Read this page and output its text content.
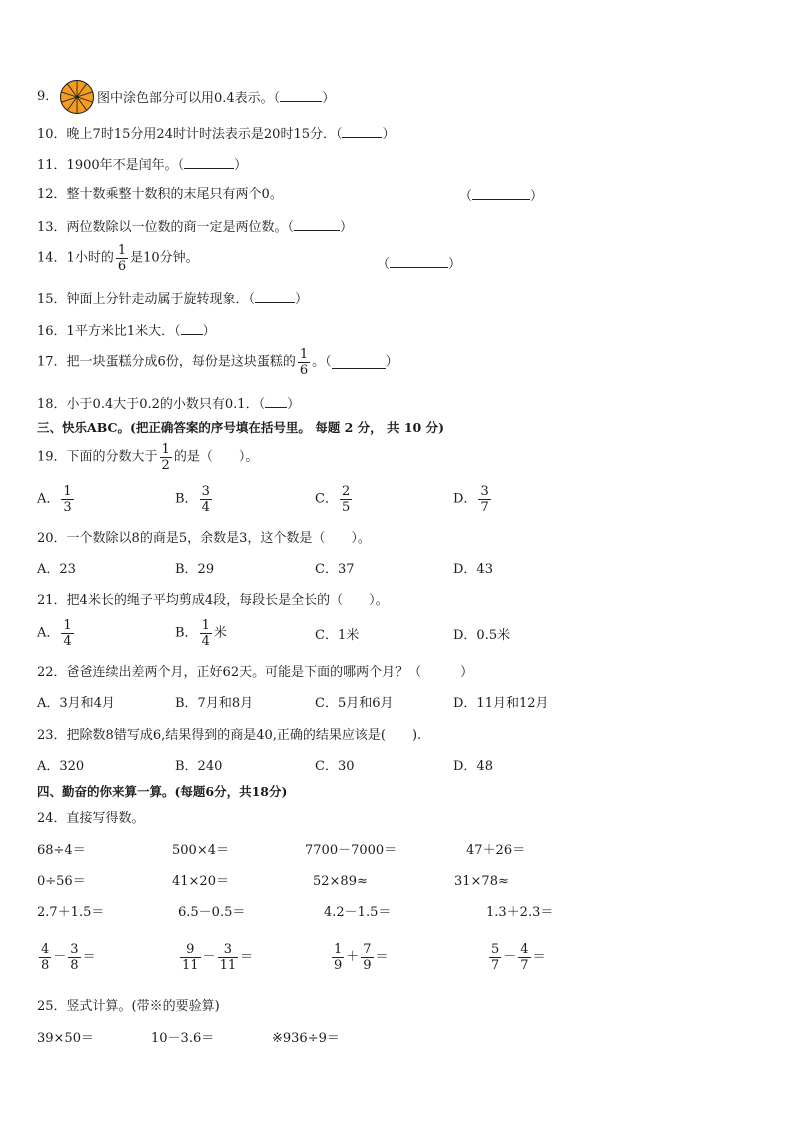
9．	图中涂色部分可以用0.4表示。（	）
10．晚上7时15分用24时计时法表示是20时15分．（	）
11．1900年不是闰年。（	）
12．整十数乘整十数积的末尾只有两个0。	（	）
13．两位数除以一位数的商一定是两位数。（	）
14．1小时的 $\frac{1}{6}$ 是10分钟。	（	）
15．钟面上分针走动属于旋转现象．（	）
16．1平方米比1米大．（ ）
17．把一块蛋糕分成6份，每份是这块蛋糕的 $\frac{1}{6}$ 。（	）
18．小于0.4大于0.2的小数只有0.1．（ ）
三、快乐ABC。(把正确答案的序号填在括号里。 每题 2 分， 共 10 分)
19．下面的分数大于 $\frac{1}{2}$ 的是（　　）。
A． $\frac{1}{3}$	B． $\frac{3}{4}$	C． $\frac{2}{5}$	D． $\frac{3}{7}$
20．一个数除以8的商是5，余数是3，这个数是（　　）。
A．23	B．29	C．37	D．43
21．把4米长的绳子平均剪成4段，每段长是全长的（　　）。
A． $\frac{1}{4}$	B． $\frac{1}{4}$ 米	C．1米	D．0.5米
22．爸爸连续出差两个月，正好62天。可能是下面的哪两个月？（　　　）
A．3月和4月	B．7月和8月	C．5月和6月	D．11月和12月
23．把除数8错写成6,结果得到的商是40,正确的结果应该是(　　).
A．320	B．240	C．30	D．48
四、勤奋的你来算一算。(每题6分，共18分)
24．直接写得数。
68÷4＝	500×4＝	7700－7000＝	47＋26＝
0÷56＝	41×20＝	52×89≈	31×78≈
2.7＋1.5＝	6.5－0.5＝	4.2－1.5＝	1.3＋2.3＝
$\frac{4}{8} - \frac{3}{8}$ ＝	$\frac{9}{11} - \frac{3}{11}$ ＝	$\frac{1}{9} + \frac{7}{9}$ ＝	$\frac{5}{7} - \frac{4}{7}$ ＝
25．竖式计算。(带※的要验算)
39×50＝	10－3.6＝	※936÷9＝
